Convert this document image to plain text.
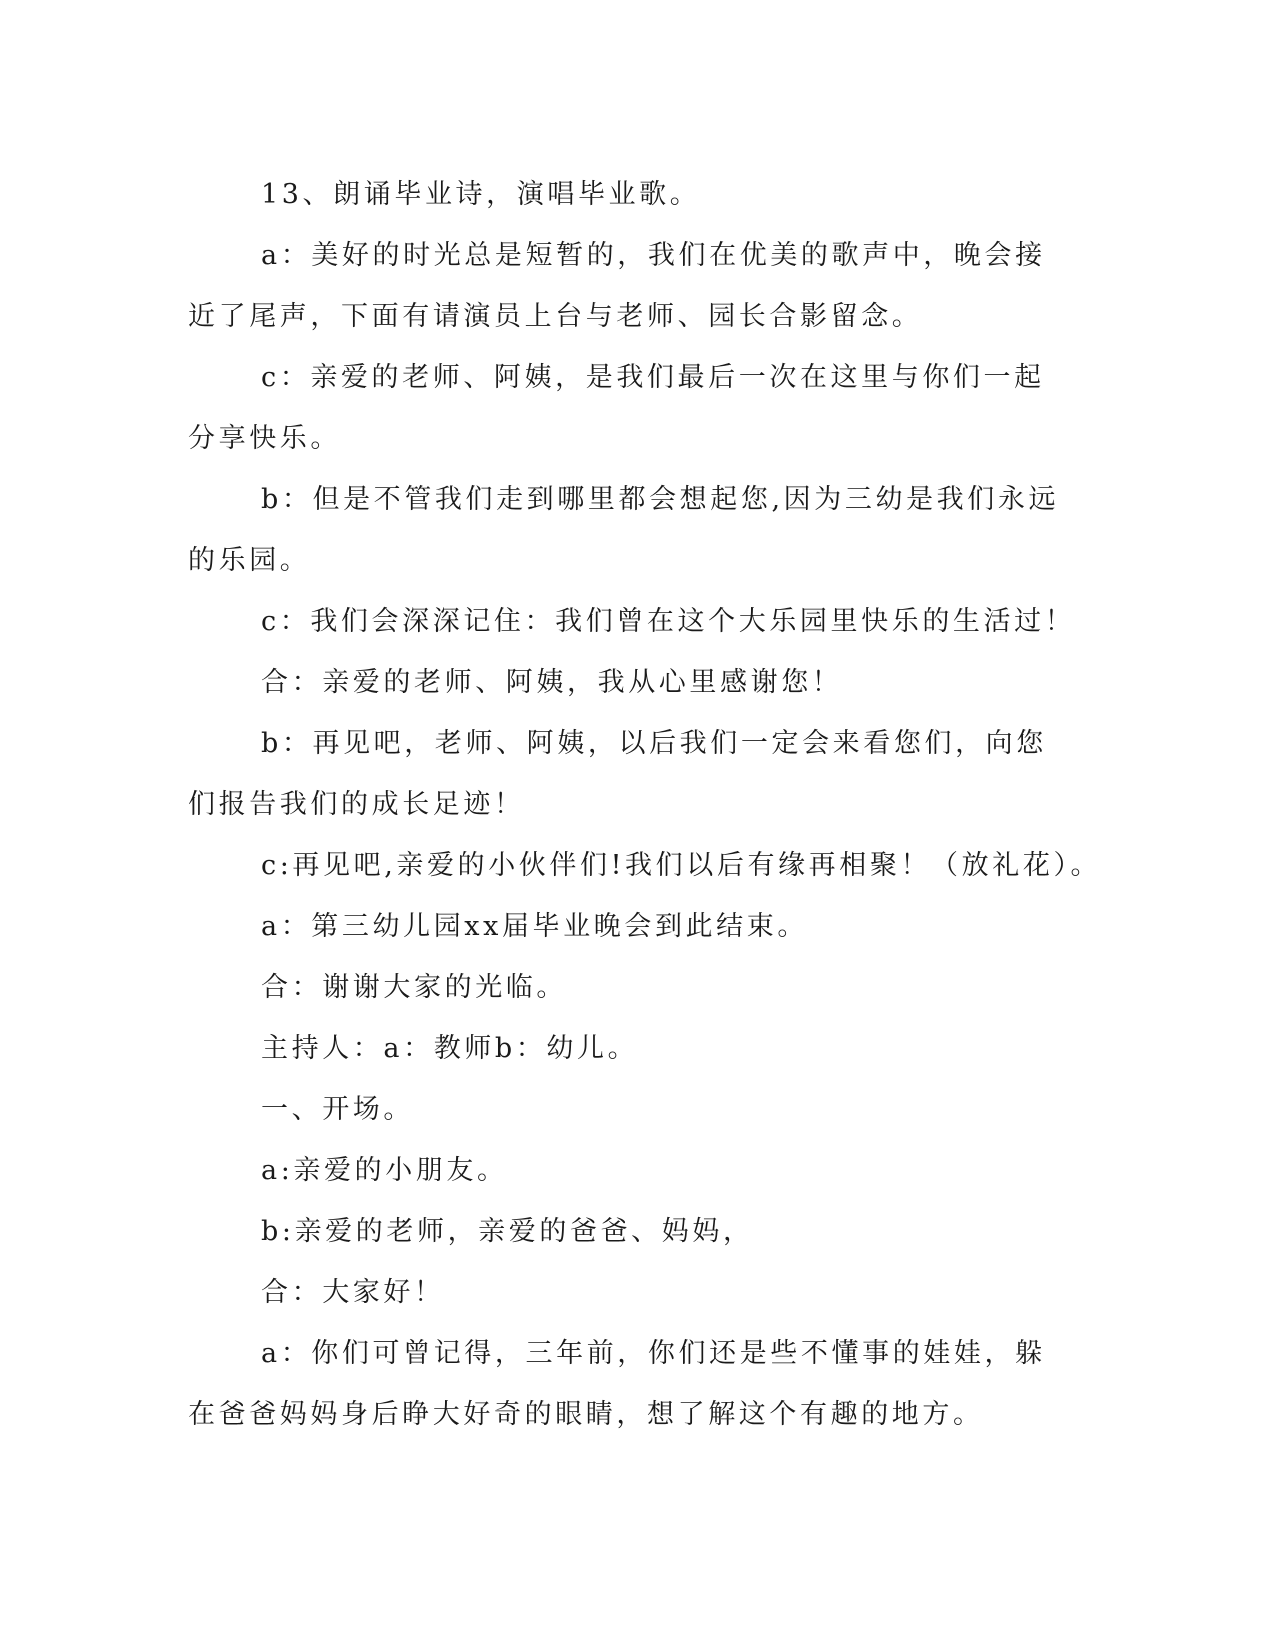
13、朗诵毕业诗，演唱毕业歌。

a：美好的时光总是短暂的，我们在优美的歌声中，晚会接近了尾声，下面有请演员上台与老师、园长合影留念。

c：亲爱的老师、阿姨，是我们最后一次在这里与你们一起分享快乐。

b：但是不管我们走到哪里都会想起您,因为三幼是我们永远的乐园。

c：我们会深深记住：我们曾在这个大乐园里快乐的生活过！

合：亲爱的老师、阿姨，我从心里感谢您！

b：再见吧，老师、阿姨，以后我们一定会来看您们，向您们报告我们的成长足迹！

c:再见吧,亲爱的小伙伴们!我们以后有缘再相聚！（放礼花）。

a：第三幼儿园xx届毕业晚会到此结束。

合：谢谢大家的光临。

主持人：a：教师b：幼儿。

一、开场。

a:亲爱的小朋友。

b:亲爱的老师，亲爱的爸爸、妈妈，

合：大家好！

a：你们可曾记得，三年前，你们还是些不懂事的娃娃，躲在爸爸妈妈身后睁大好奇的眼睛，想了解这个有趣的地方。
